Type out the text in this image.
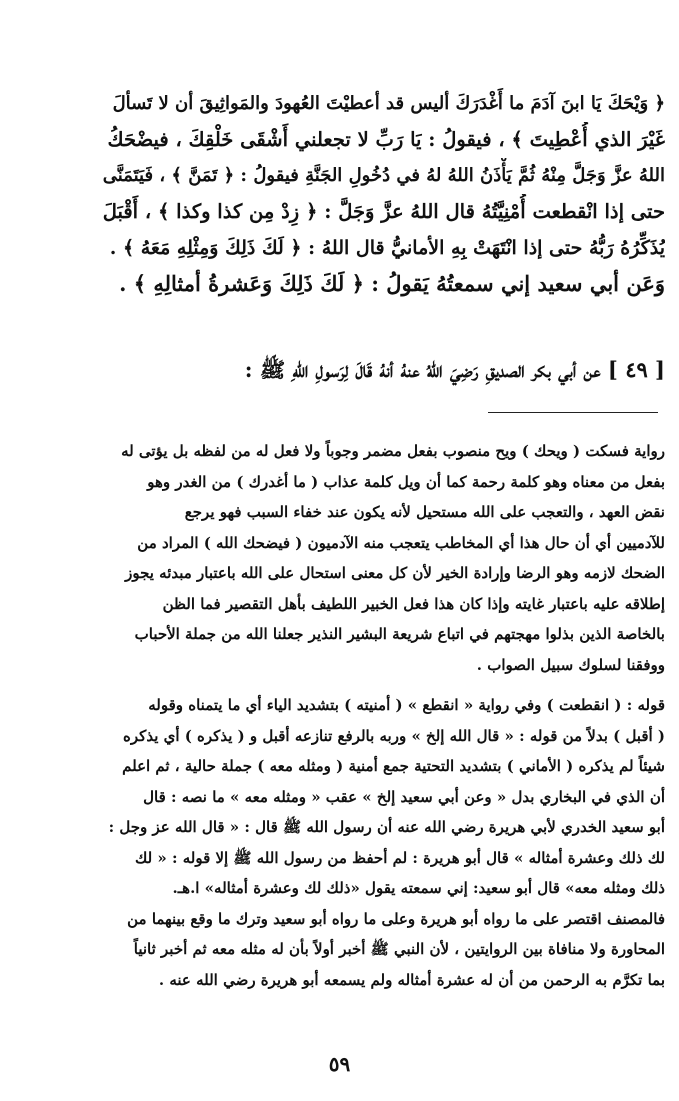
﴿ وَيْحَكَ يَا ابنَ آدَمَ ما أَغْدَرَكَ أليس قد أعطيْتَ العُهودَ والمَواثِيقَ أن لا تَسألَ
غَيْرَ الذي أُعْطِيتَ ﴾ ، فيقولُ : يَا رَبِّ لا تجعلني أَشْقَى خَلْقِكَ ، فيضْحَكُ
اللهُ عزَّ وَجَلَّ مِنْهُ ثُمَّ يَأْذَنُ اللهُ لهُ في دُخُولِ الجَنَّةِ فيقولُ : ﴿ تَمَنَّ ﴾ ، فَيَتَمَنَّى
حتى إذا انْقطعت أُمْنِيَّتُهُ قال اللهُ عزَّ وَجَلَّ : ﴿ زِدْ مِن كذا وكذا ﴾ ، أَقْبَلَ
يُذَكِّرُهُ رَبُّهُ حتى إذا انْتَهَتْ بِهِ الأمانيُّ قال اللهُ : ﴿ لَكَ ذَلِكَ وَمِثْلِهِ مَعَهُ ﴾ .
وَعَن أبي سعيد إني سمعتُهُ يَقولُ : ﴿ لَكَ ذَلِكَ وَعَشرةُ أمثالِهِ ﴾ .
[ ٤٩ ] عن أبي بكر الصديقِ رَضِيَ اللهُ عنهُ أنهُ قَالَ لِرَسولِ اللهِ ﷺ :
رواية فسكت ( ويحك ) ويح منصوب بفعل مضمر وجوباً ولا فعل له من لفظه بل يؤتى له
بفعل من معناه وهو كلمة رحمة كما أن ويل كلمة عذاب ( ما أغدرك ) من الغدر وهو
نقض العهد ، والتعجب على الله مستحيل لأنه يكون عند خفاء السبب فهو يرجع
للآدميين أي أن حال هذا أي المخاطب يتعجب منه الآدميون ( فيضحك الله ) المراد من
الضحك لازمه وهو الرضا وإرادة الخير لأن كل معنى استحال على الله باعتبار مبدئه يجوز
إطلاقه عليه باعتبار غايته وإذا كان هذا فعل الخبير اللطيف بأهل التقصير فما الظن
بالخاصة الذين بذلوا مهجتهم في اتباع شريعة البشير النذير جعلنا الله من جملة الأحباب
ووفقنا لسلوك سبيل الصواب .
قوله : ( انقطعت ) وفي رواية « انقطع » ( أمنيته ) بتشديد الياء أي ما يتمناه وقوله
( أقبل ) بدلاً من قوله : « قال الله إلخ » وربه بالرفع تنازعه أقبل و ( يذكره ) أي يذكره
شيئاً لم يذكره ( الأماني ) بتشديد التحتية جمع أمنية ( ومثله معه ) جملة حالية ، ثم اعلم
أن الذي في البخاري بدل « وعن أبي سعيد إلخ » عقب « ومثله معه » ما نصه : قال
أبو سعيد الخدري لأبي هريرة رضي الله عنه أن رسول الله ﷺ قال : « قال الله عز وجل :
لك ذلك وعشرة أمثاله » قال أبو هريرة : لم أحفظ من رسول الله ﷺ إلا قوله : « لك
ذلك ومثله معه» قال أبو سعيد: إني سمعته يقول «ذلك لك وعشرة أمثاله» ا.هـ.
فالمصنف اقتصر على ما رواه أبو هريرة وعلى ما رواه أبو سعيد وترك ما وقع بينهما من
المحاورة ولا منافاة بين الروايتين ، لأن النبي ﷺ أخبر أولاً بأن له مثله معه ثم أخبر ثانياً
بما تكرَّم به الرحمن من أن له عشرة أمثاله ولم يسمعه أبو هريرة رضي الله عنه .
٥٩
